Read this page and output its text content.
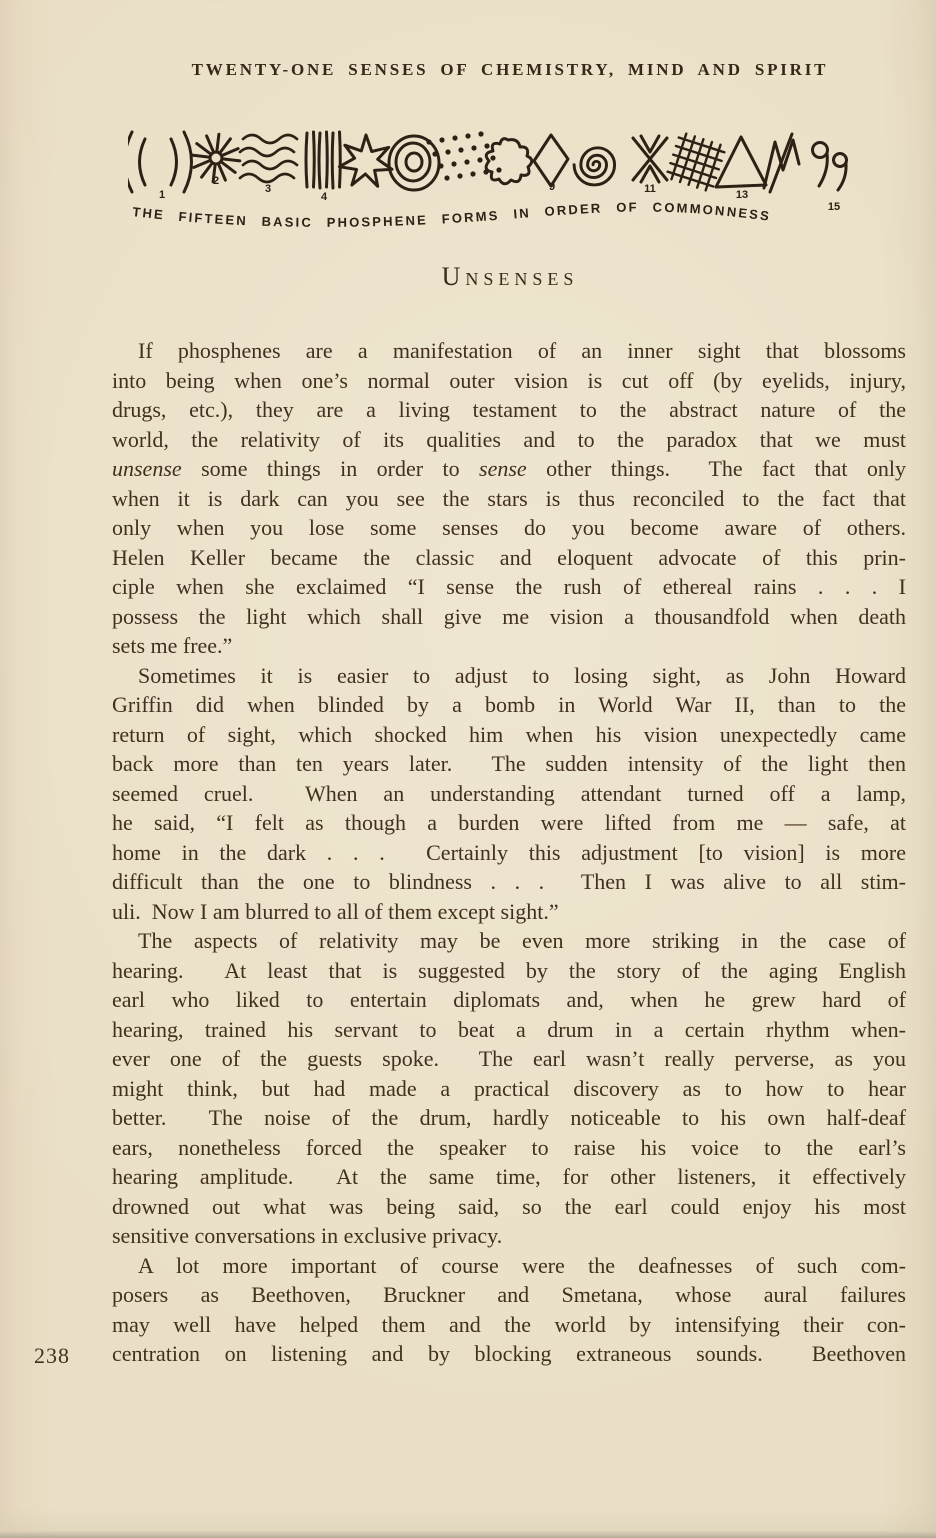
TWENTY-ONE SENSES OF CHEMISTRY, MIND AND SPIRIT
THE FIFTEEN BASIC PHOSPHENE FORMS IN ORDER OF COMMONNESS
1
2
3
4
9	11	13
15
Unsenses
If phosphenes are a manifestation of an inner sight that blossoms
into being when one’s normal outer vision is cut off (by eyelids, injury,
drugs, etc.), they are a living testament to the abstract nature of the
world, the relativity of its qualities and to the paradox that we must
unsense some things in order to sense other things.  The fact that only
when it is dark can you see the stars is thus reconciled to the fact that
only when you lose some senses do you become aware of others.
Helen Keller became the classic and eloquent advocate of this prin-
ciple when she exclaimed “I sense the rush of ethereal rains . . . I
possess the light which shall give me vision a thousandfold when death
sets me free.”
Sometimes it is easier to adjust to losing sight, as John Howard
Griffin did when blinded by a bomb in World War II, than to the
return of sight, which shocked him when his vision unexpectedly came
back more than ten years later.  The sudden intensity of the light then
seemed cruel.  When an understanding attendant turned off a lamp,
he said, “I felt as though a burden were lifted from me — safe, at
home in the dark . . .  Certainly this adjustment [to vision] is more
difficult than the one to blindness . . .  Then I was alive to all stim-
uli.  Now I am blurred to all of them except sight.”
The aspects of relativity may be even more striking in the case of
hearing.  At least that is suggested by the story of the aging English
earl who liked to entertain diplomats and, when he grew hard of
hearing, trained his servant to beat a drum in a certain rhythm when-
ever one of the guests spoke.  The earl wasn’t really perverse, as you
might think, but had made a practical discovery as to how to hear
better.  The noise of the drum, hardly noticeable to his own half-deaf
ears, nonetheless forced the speaker to raise his voice to the earl’s
hearing amplitude.  At the same time, for other listeners, it effectively
drowned out what was being said, so the earl could enjoy his most
sensitive conversations in exclusive privacy.
A lot more important of course were the deafnesses of such com-
posers as Beethoven, Bruckner and Smetana, whose aural failures
may well have helped them and the world by intensifying their con-
centration on listening and by blocking extraneous sounds.  Beethoven
238
